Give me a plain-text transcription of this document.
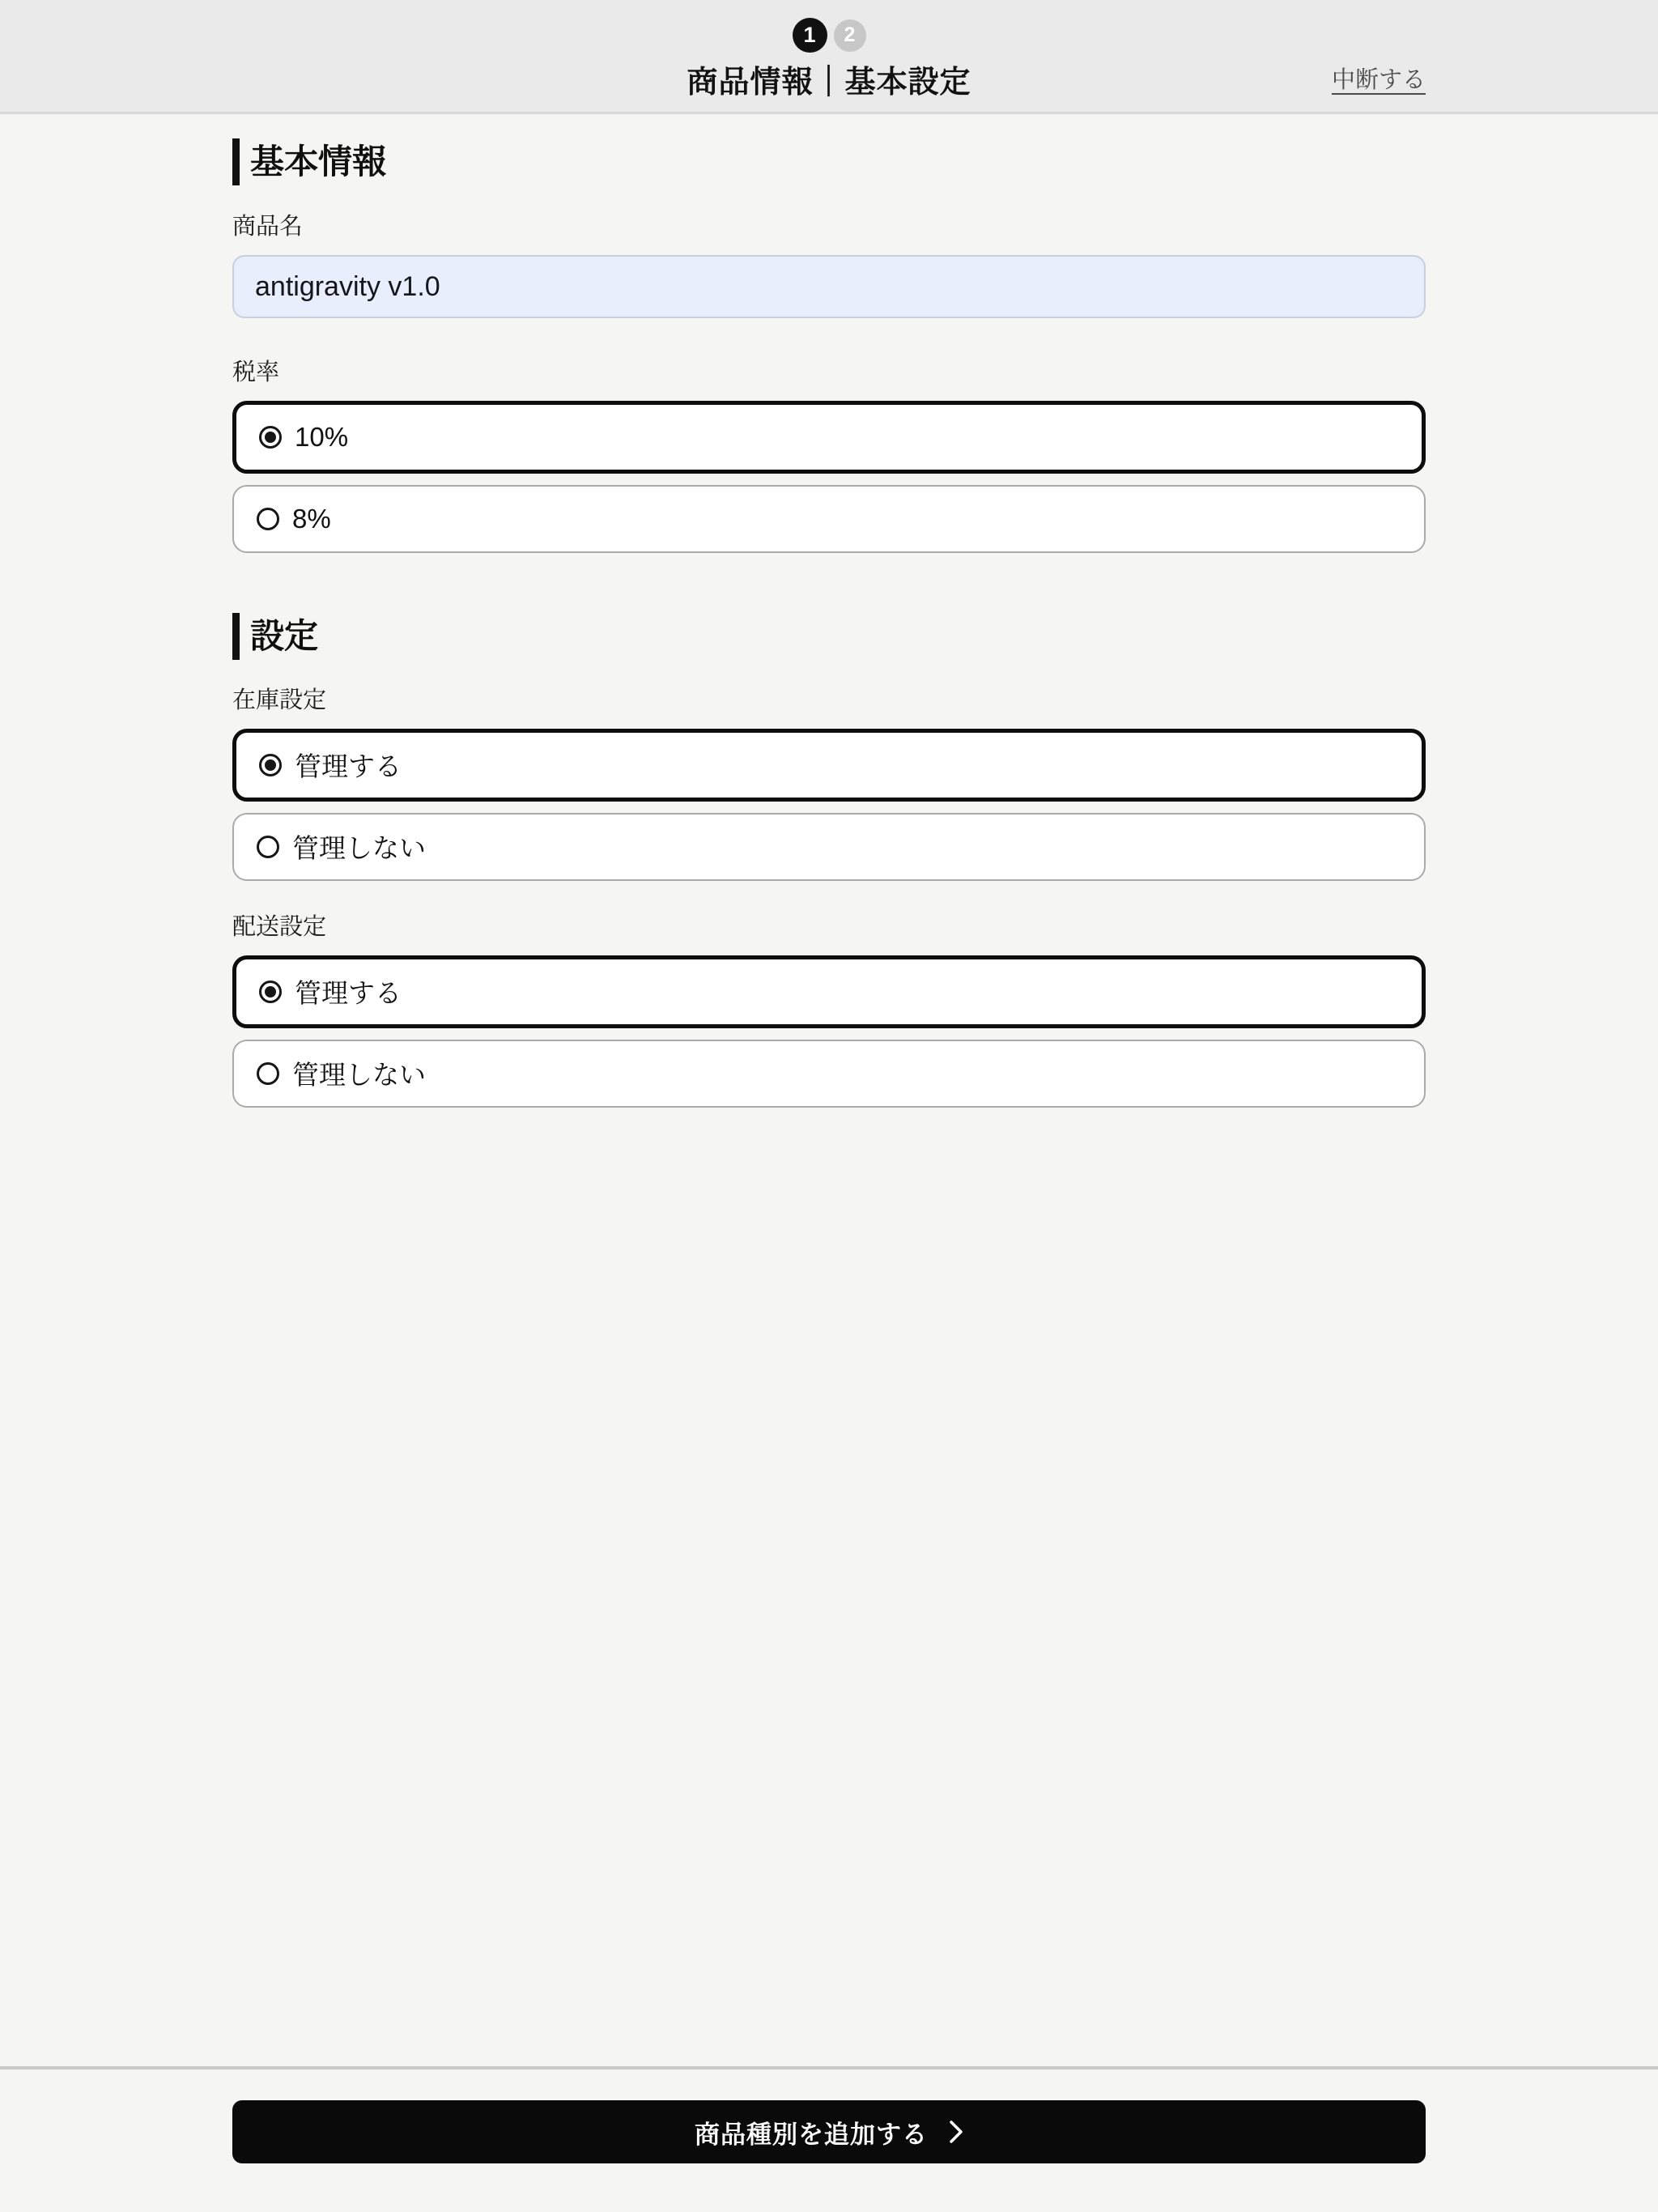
1	2
商品情報｜基本設定	中断する
基本情報
商品名
antigravity v1.0
税率
10%
8%
設定
在庫設定
管理する
管理しない
配送設定
管理する
管理しない
商品種別を追加する
